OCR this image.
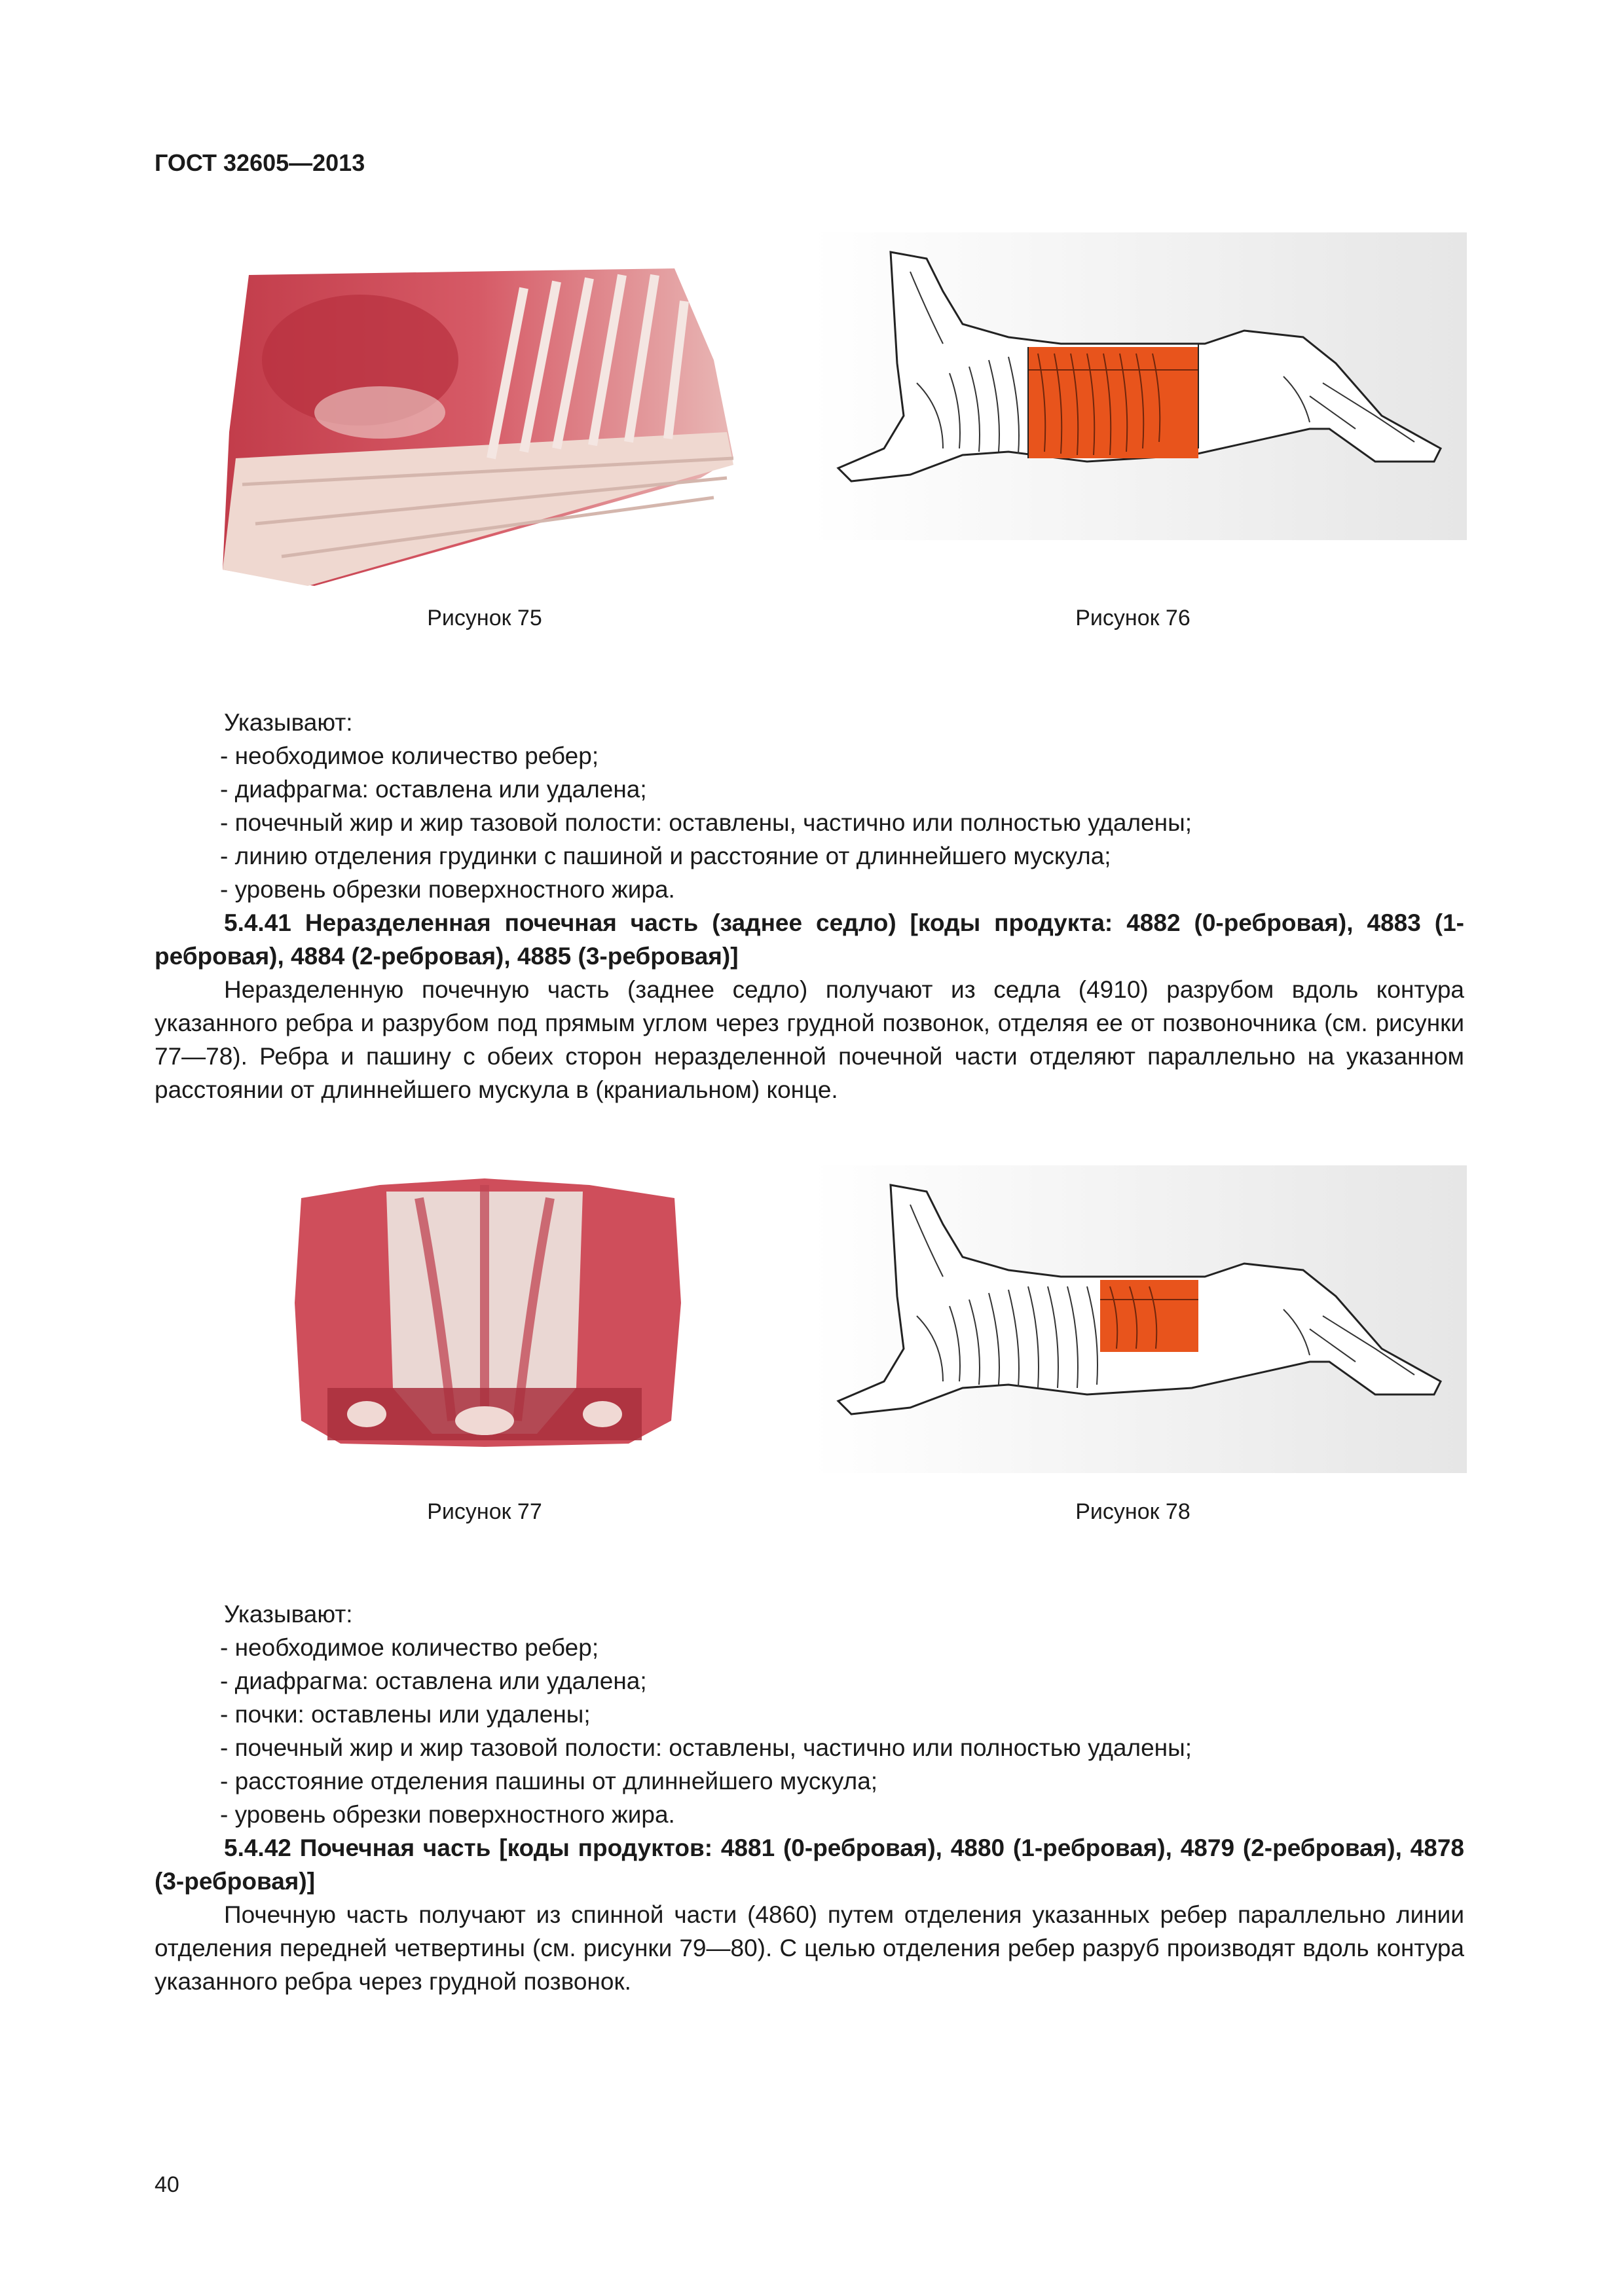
ГОСТ 32605—2013
Рисунок 75	Рисунок 76

Указывают:

- необходимое количество ребер;
- диафрагма: оставлена или удалена;
- почечный жир и жир тазовой полости: оставлены, частично или полностью удалены;
- линию отделения грудинки с пашиной и расстояние от длиннейшего мускула;
- уровень обрезки поверхностного жира.

5.4.41 Неразделенная почечная часть (заднее седло) [коды продукта: 4882 (0-ребровая), 4883 (1-ребровая), 4884 (2-ребровая), 4885 (3-ребровая)]

Неразделенную почечную часть (заднее седло) получают из седла (4910) разрубом вдоль контура указанного ребра и разрубом под прямым углом через грудной позвонок, отделяя ее от позвоночника (см. рисунки 77—78). Ребра и пашину с обеих сторон неразделенной почечной части отделяют параллельно на указанном расстоянии от длиннейшего мускула в (краниальном) конце.

Рисунок 77	Рисунок 78

Указывают:

- необходимое количество ребер;
- диафрагма: оставлена или удалена;
- почки: оставлены или удалены;
- почечный жир и жир тазовой полости: оставлены, частично или полностью удалены;
- расстояние отделения пашины от длиннейшего мускула;
- уровень обрезки поверхностного жира.

5.4.42 Почечная часть [коды продуктов: 4881 (0-ребровая), 4880 (1-ребровая), 4879 (2-ребровая), 4878 (3-ребровая)]

Почечную часть получают из спинной части (4860) путем отделения указанных ребер параллельно линии отделения передней четвертины (см. рисунки 79—80). С целью отделения ребер разруб производят вдоль контура указанного ребра через грудной позвонок.

40
